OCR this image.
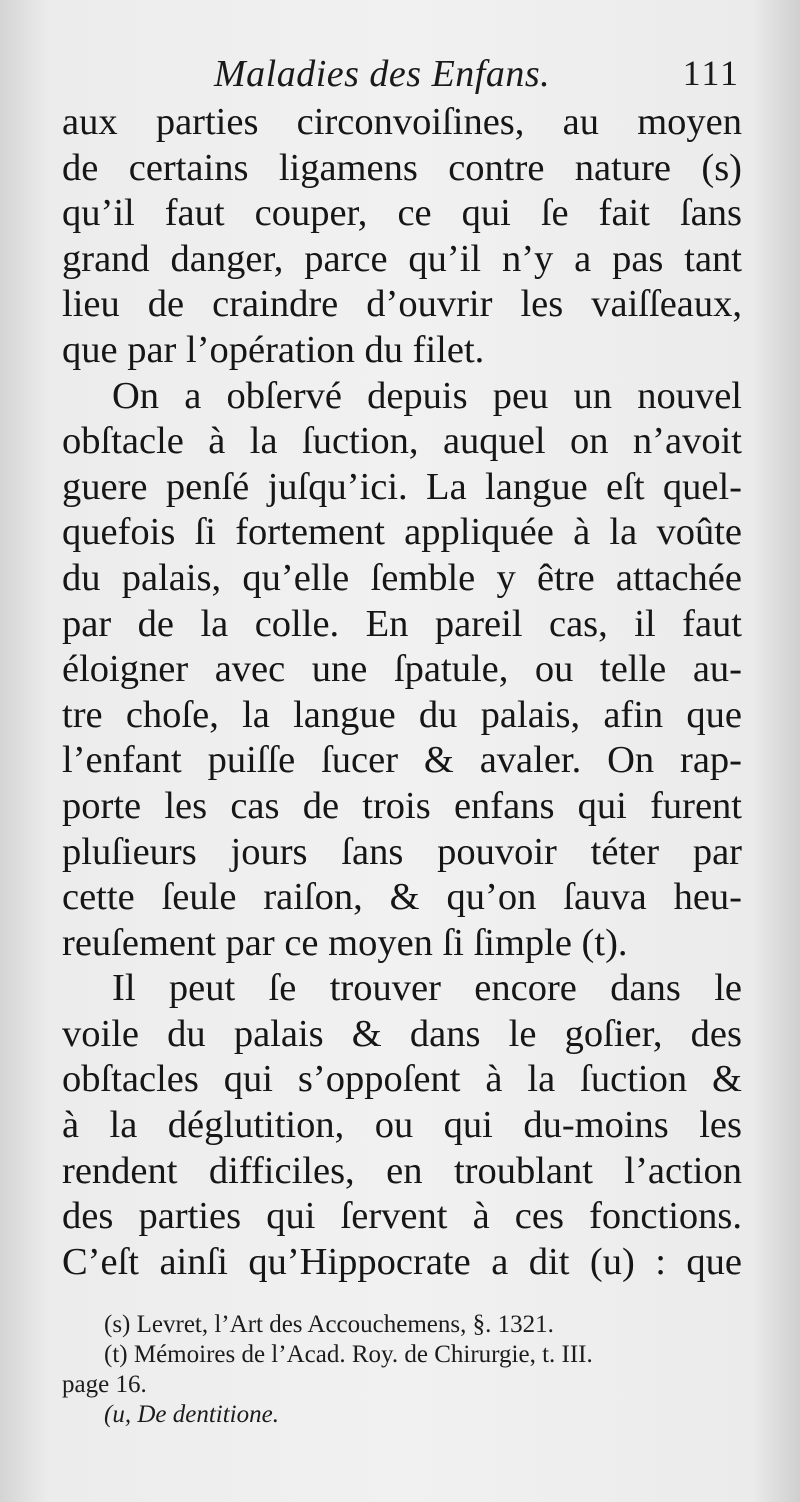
Maladies des Enfans.	111
aux parties circonvoiſines, au moyen
de certains ligamens contre nature (s)
qu’il faut couper, ce qui ſe fait ſans
grand danger, parce qu’il n’y a pas tant
lieu de craindre d’ouvrir les vaiſſeaux,
que par l’opération du filet.
On a obſervé depuis peu un nouvel
obſtacle à la ſuction, auquel on n’avoit
guere penſé juſqu’ici. La langue eſt quel-
quefois ſi fortement appliquée à la voûte
du palais, qu’elle ſemble y être attachée
par de la colle. En pareil cas, il faut
éloigner avec une ſpatule, ou telle au-
tre choſe, la langue du palais, afin que
l’enfant puiſſe ſucer & avaler. On rap-
porte les cas de trois enfans qui furent
pluſieurs jours ſans pouvoir téter par
cette ſeule raiſon, & qu’on ſauva heu-
reuſement par ce moyen ſi ſimple (t).
Il peut ſe trouver encore dans le
voile du palais & dans le goſier, des
obſtacles qui s’oppoſent à la ſuction &
à la déglutition, ou qui du-moins les
rendent difficiles, en troublant l’action
des parties qui ſervent à ces fonctions.
C’eſt ainſi qu’Hippocrate a dit (u) : que
(s) Levret, l’Art des Accouchemens, §. 1321.
(t) Mémoires de l’Acad. Roy. de Chirurgie, t. III.
page 16.
(u, De dentitione.
